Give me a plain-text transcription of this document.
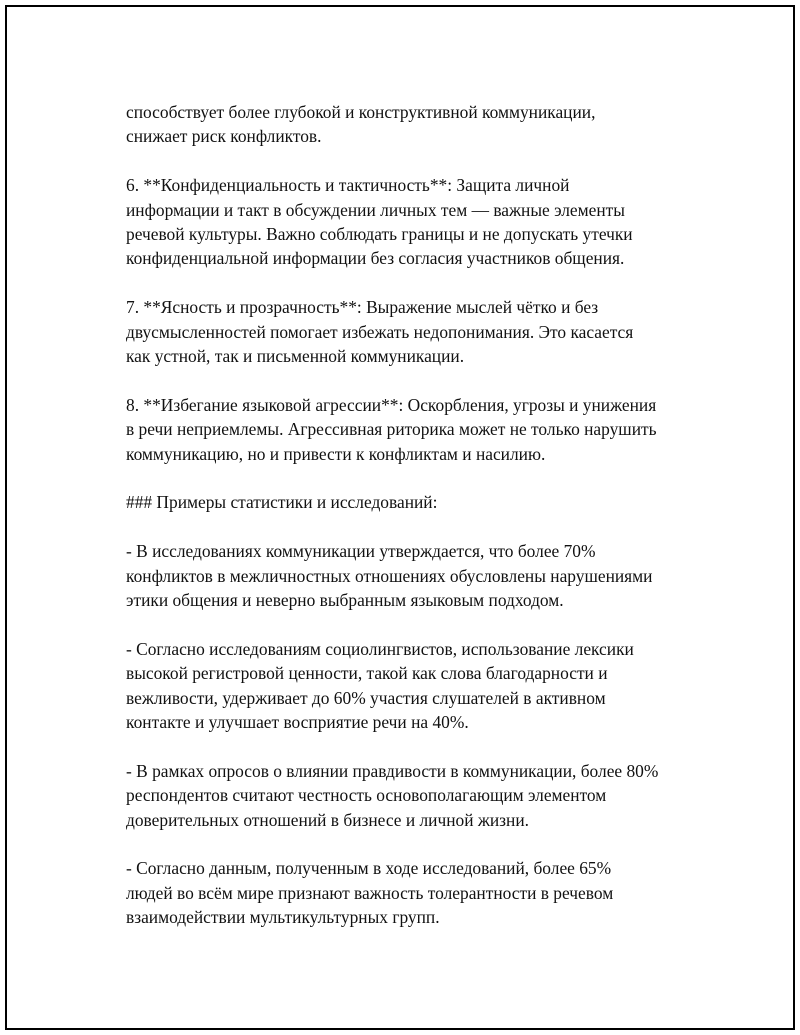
способствует более глубокой и конструктивной коммуникации,
снижает риск конфликтов.

6. **Конфиденциальность и тактичность**: Защита личной
информации и такт в обсуждении личных тем — важные элементы
речевой культуры. Важно соблюдать границы и не допускать утечки
конфиденциальной информации без согласия участников общения.

7. **Ясность и прозрачность**: Выражение мыслей чётко и без
двусмысленностей помогает избежать недопонимания. Это касается
как устной, так и письменной коммуникации.

8. **Избегание языковой агрессии**: Оскорбления, угрозы и унижения
в речи неприемлемы. Агрессивная риторика может не только нарушить
коммуникацию, но и привести к конфликтам и насилию.

### Примеры статистики и исследований:

- В исследованиях коммуникации утверждается, что более 70%
конфликтов в межличностных отношениях обусловлены нарушениями
этики общения и неверно выбранным языковым подходом.

- Согласно исследованиям социолингвистов, использование лексики
высокой регистровой ценности, такой как слова благодарности и
вежливости, удерживает до 60% участия слушателей в активном
контакте и улучшает восприятие речи на 40%.

- В рамках опросов о влиянии правдивости в коммуникации, более 80%
респондентов считают честность основополагающим элементом
доверительных отношений в бизнесе и личной жизни.

- Согласно данным, полученным в ходе исследований, более 65%
людей во всём мире признают важность толерантности в речевом
взаимодействии мультикультурных групп.
